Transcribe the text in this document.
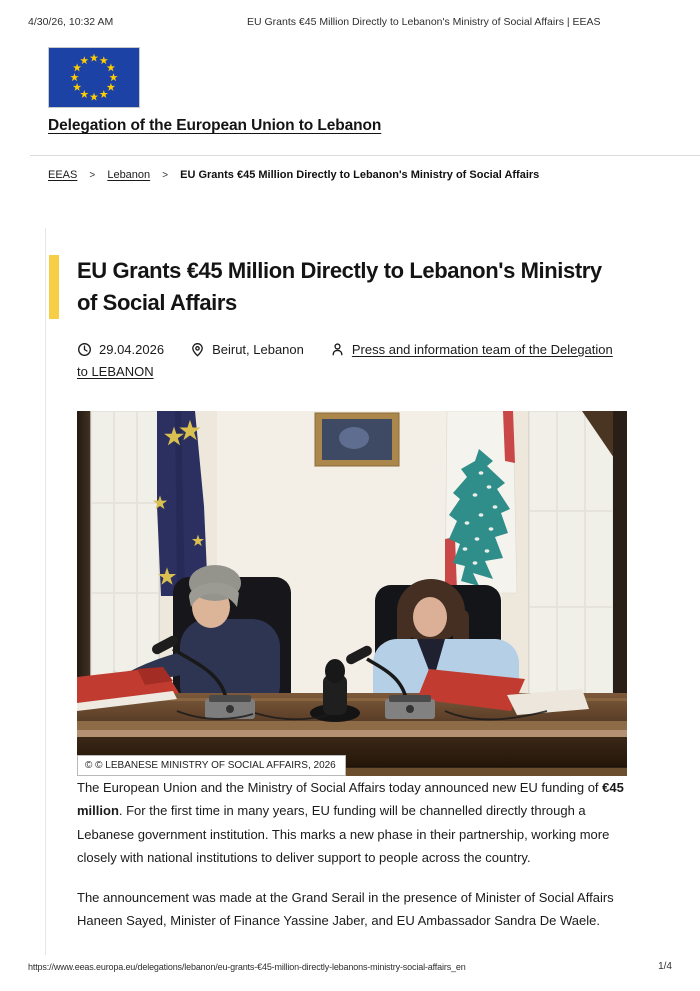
4/30/26, 10:32 AM	EU Grants €45 Million Directly to Lebanon's Ministry of Social Affairs | EEAS
Delegation of the European Union to Lebanon
EEAS > Lebanon > EU Grants €45 Million Directly to Lebanon's Ministry of Social Affairs
EU Grants €45 Million Directly to Lebanon's Ministry of Social Affairs
29.04.2026	Beirut, Lebanon	Press and information team of the Delegation to LEBANON
© © LEBANESE MINISTRY OF SOCIAL AFFAIRS, 2026

The European Union and the Ministry of Social Affairs today announced new EU funding of €45 million. For the first time in many years, EU funding will be channelled directly through a Lebanese government institution. This marks a new phase in their partnership, working more closely with national institutions to deliver support to people across the country.

The announcement was made at the Grand Serail in the presence of Minister of Social Affairs Haneen Sayed, Minister of Finance Yassine Jaber, and EU Ambassador Sandra De Waele.

https://www.eeas.europa.eu/delegations/lebanon/eu-grants-€45-million-directly-lebanons-ministry-social-affairs_en	1/4
